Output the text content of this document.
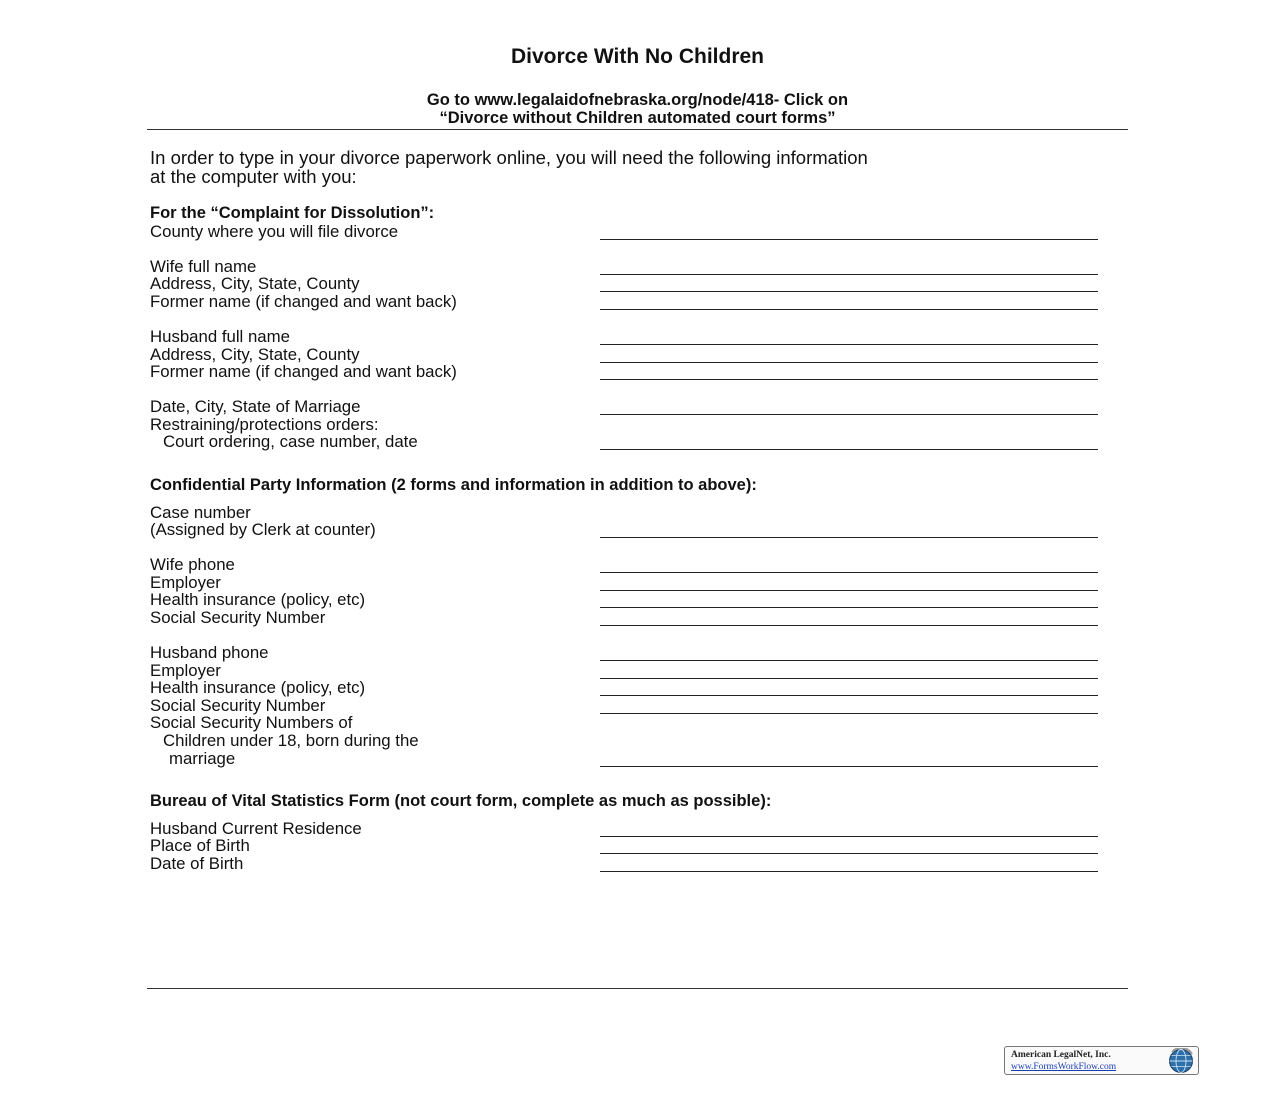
Divorce With No Children
Go to www.legalaidofnebraska.org/node/418- Click on
“Divorce without Children automated court forms”
In order to type in your divorce paperwork online, you will need the following information
at the computer with you:
For the “Complaint for Dissolution”:
County where you will file divorce
Wife full name
Address, City, State, County
Former name (if changed and want back)
Husband full name
Address, City, State, County
Former name (if changed and want back)
Date, City, State of Marriage
Restraining/protections orders:
Court ordering, case number, date
Confidential Party Information (2 forms and information in addition to above):
Case number
(Assigned by Clerk at counter)
Wife phone
Employer
Health insurance (policy, etc)
Social Security Number
Husband phone
Employer
Health insurance (policy, etc)
Social Security Number
Social Security Numbers of
Children under 18, born during the
marriage
Bureau of Vital Statistics Form (not court form, complete as much as possible):
Husband Current Residence
Place of Birth
Date of Birth
American LegalNet, Inc.
www.FormsWorkFlow.com
